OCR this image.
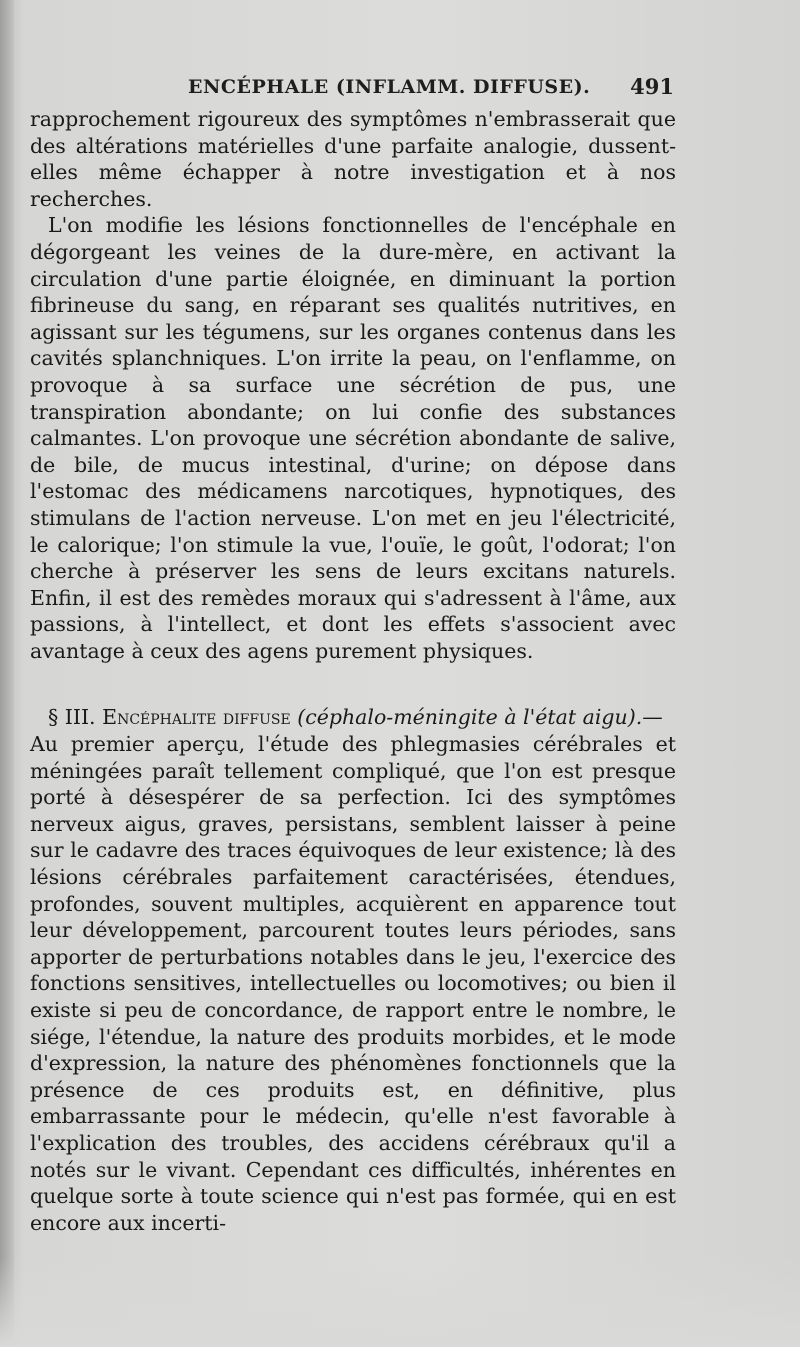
ENCÉPHALE (INFLAMM. DIFFUSE). 491

rapprochement rigoureux des symptômes n'embrasserait que des altérations matérielles d'une parfaite analogie, dussent-elles même échapper à notre investigation et à nos recherches.

L'on modifie les lésions fonctionnelles de l'encéphale en dégorgeant les veines de la dure-mère, en activant la circulation d'une partie éloignée, en diminuant la portion fibrineuse du sang, en réparant ses qualités nutritives, en agissant sur les tégumens, sur les organes contenus dans les cavités splanchniques. L'on irrite la peau, on l'enflamme, on provoque à sa surface une sécrétion de pus, une transpiration abondante; on lui confie des substances calmantes. L'on provoque une sécrétion abondante de salive, de bile, de mucus intestinal, d'urine; on dépose dans l'estomac des médicamens narcotiques, hypnotiques, des stimulans de l'action nerveuse. L'on met en jeu l'électricité, le calorique; l'on stimule la vue, l'ouïe, le goût, l'odorat; l'on cherche à préserver les sens de leurs excitans naturels. Enfin, il est des remèdes moraux qui s'adressent à l'âme, aux passions, à l'intellect, et dont les effets s'associent avec avantage à ceux des agens purement physiques.

§ III. Encéphalite diffuse (céphalo-méningite à l'état aigu).—

Au premier aperçu, l'étude des phlegmasies cérébrales et méningées paraît tellement compliqué, que l'on est presque porté à désespérer de sa perfection. Ici des symptômes nerveux aigus, graves, persistans, semblent laisser à peine sur le cadavre des traces équivoques de leur existence; là des lésions cérébrales parfaitement caractérisées, étendues, profondes, souvent multiples, acquièrent en apparence tout leur développement, parcourent toutes leurs périodes, sans apporter de perturbations notables dans le jeu, l'exercice des fonctions sensitives, intellectuelles ou locomotives; ou bien il existe si peu de concordance, de rapport entre le nombre, le siége, l'étendue, la nature des produits morbides, et le mode d'expression, la nature des phénomènes fonctionnels que la présence de ces produits est, en définitive, plus embarrassante pour le médecin, qu'elle n'est favorable à l'explication des troubles, des accidens cérébraux qu'il a notés sur le vivant. Cependant ces difficultés, inhérentes en quelque sorte à toute science qui n'est pas formée, qui en est encore aux incerti-
